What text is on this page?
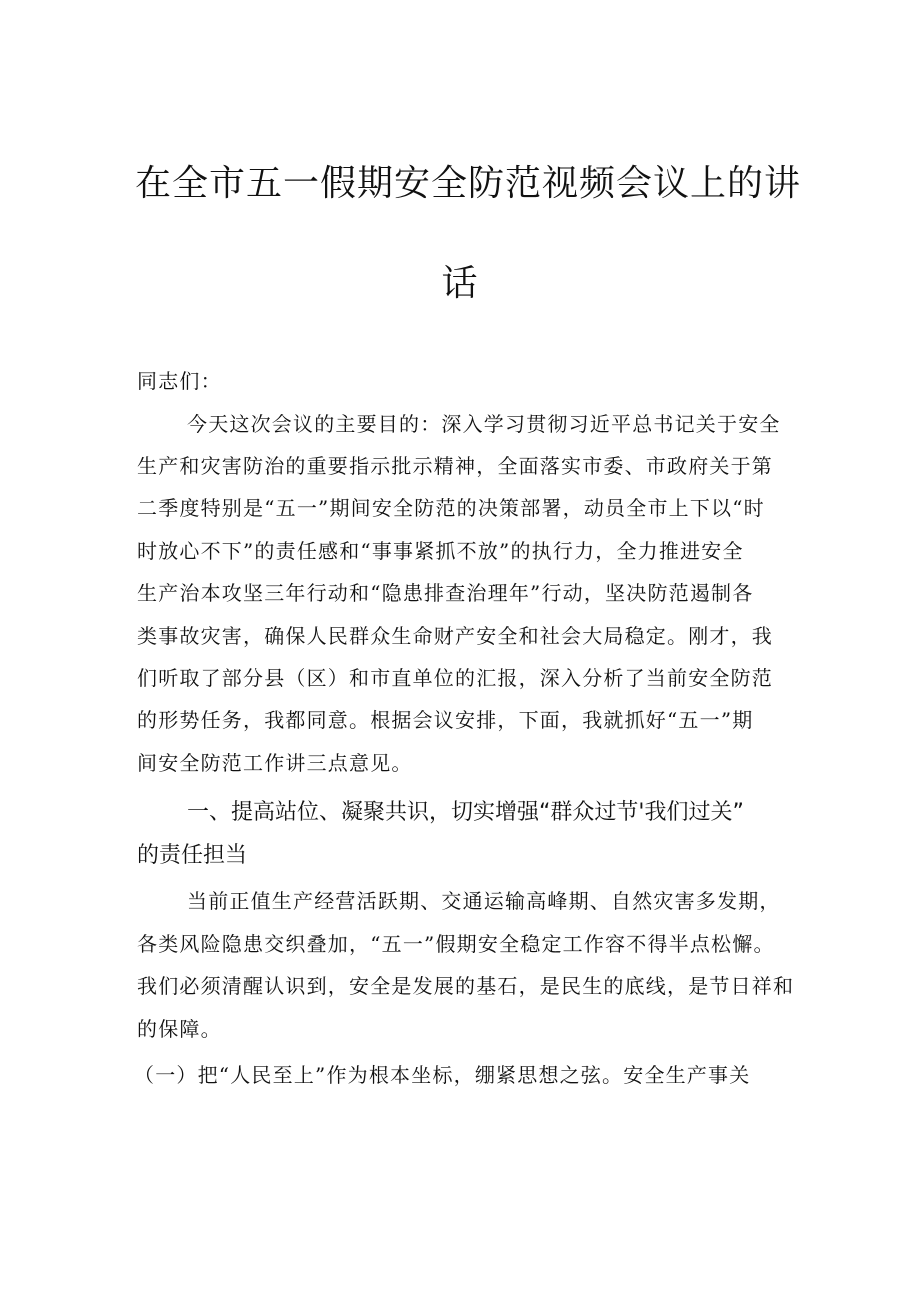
在全市五一假期安全防范视频会议上的讲
话
同志们：
今天这次会议的主要目的：深入学习贯彻习近平总书记关于安全
生产和灾害防治的重要指示批示精神，全面落实市委、市政府关于第
二季度特别是“五一”期间安全防范的决策部署，动员全市上下以“时
时放心不下”的责任感和“事事紧抓不放”的执行力，全力推进安全
生产治本攻坚三年行动和“隐患排查治理年”行动，坚决防范遏制各
类事故灾害，确保人民群众生命财产安全和社会大局稳定。刚才，我
们听取了部分县（区）和市直单位的汇报，深入分析了当前安全防范
的形势任务，我都同意。根据会议安排，下面，我就抓好“五一”期
间安全防范工作讲三点意见。
一、提高站位、凝聚共识，切实增强“群众过节'我们过关”
的责任担当
当前正值生产经营活跃期、交通运输高峰期、自然灾害多发期，
各类风险隐患交织叠加，“五一”假期安全稳定工作容不得半点松懈。
我们必须清醒认识到，安全是发展的基石，是民生的底线，是节日祥和
的保障。
（一）把“人民至上”作为根本坐标，绷紧思想之弦。安全生产事关
